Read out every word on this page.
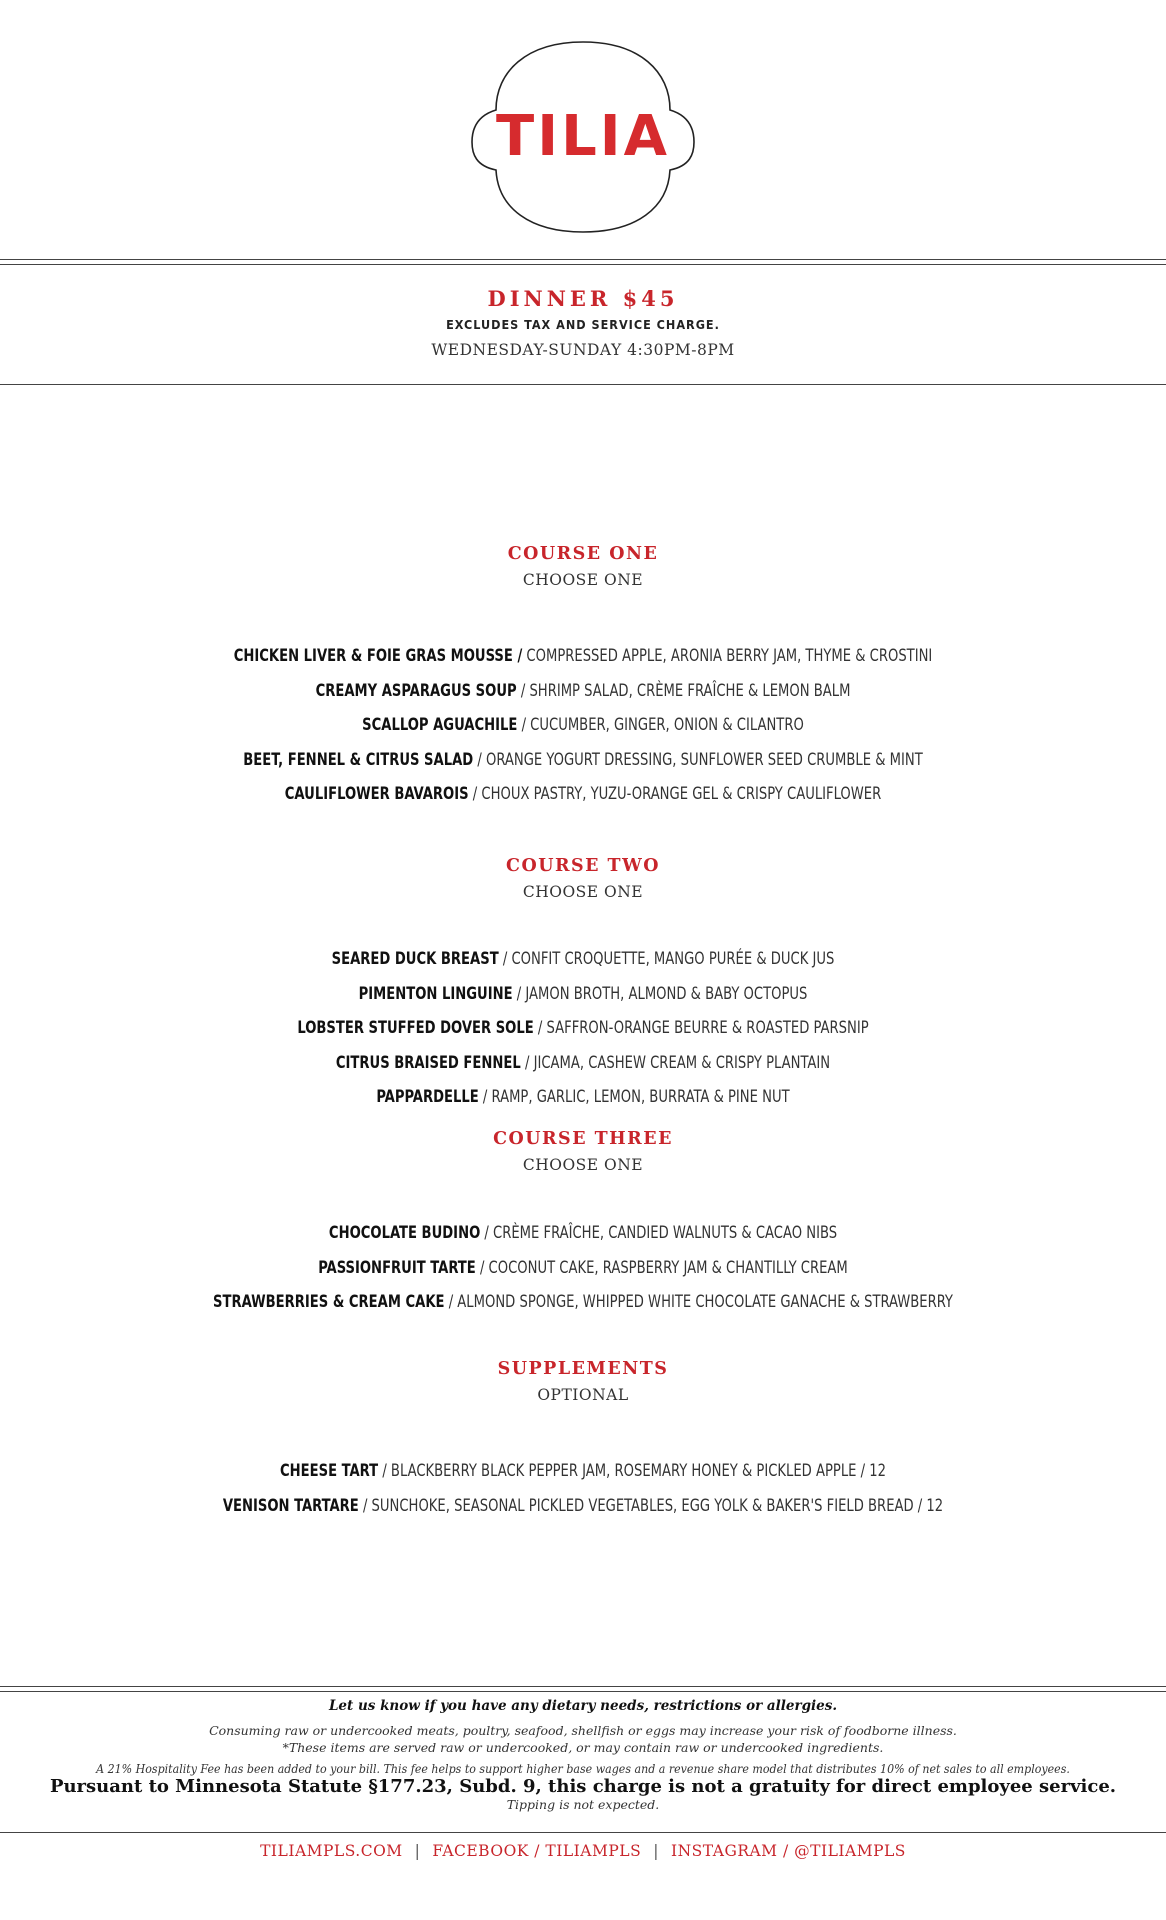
TILIA
DINNER $45
EXCLUDES TAX AND SERVICE CHARGE.
WEDNESDAY-SUNDAY 4:30PM-8PM
COURSE ONE
CHOOSE ONE
CHICKEN LIVER & FOIE GRAS MOUSSE / COMPRESSED APPLE, ARONIA BERRY JAM, THYME & CROSTINI
CREAMY ASPARAGUS SOUP / SHRIMP SALAD, CRÈME FRAÎCHE & LEMON BALM
SCALLOP AGUACHILE / CUCUMBER, GINGER, ONION & CILANTRO
BEET, FENNEL & CITRUS SALAD / ORANGE YOGURT DRESSING, SUNFLOWER SEED CRUMBLE & MINT
CAULIFLOWER BAVAROIS / CHOUX PASTRY, YUZU-ORANGE GEL & CRISPY CAULIFLOWER
COURSE TWO
CHOOSE ONE
SEARED DUCK BREAST / CONFIT CROQUETTE, MANGO PURÉE & DUCK JUS
PIMENTON LINGUINE / JAMON BROTH, ALMOND & BABY OCTOPUS
LOBSTER STUFFED DOVER SOLE / SAFFRON-ORANGE BEURRE & ROASTED PARSNIP
CITRUS BRAISED FENNEL / JICAMA, CASHEW CREAM & CRISPY PLANTAIN
PAPPARDELLE / RAMP, GARLIC, LEMON, BURRATA & PINE NUT
COURSE THREE
CHOOSE ONE
CHOCOLATE BUDINO / CRÈME FRAÎCHE, CANDIED WALNUTS & CACAO NIBS
PASSIONFRUIT TARTE / COCONUT CAKE, RASPBERRY JAM & CHANTILLY CREAM
STRAWBERRIES & CREAM CAKE / ALMOND SPONGE, WHIPPED WHITE CHOCOLATE GANACHE & STRAWBERRY
SUPPLEMENTS
OPTIONAL
CHEESE TART / BLACKBERRY BLACK PEPPER JAM, ROSEMARY HONEY & PICKLED APPLE / 12
VENISON TARTARE / SUNCHOKE, SEASONAL PICKLED VEGETABLES, EGG YOLK & BAKER'S FIELD BREAD / 12
Let us know if you have any dietary needs, restrictions or allergies.
Consuming raw or undercooked meats, poultry, seafood, shellfish or eggs may increase your risk of foodborne illness.
*These items are served raw or undercooked, or may contain raw or undercooked ingredients.
A 21% Hospitality Fee has been added to your bill. This fee helps to support higher base wages and a revenue share model that distributes 10% of net sales to all employees.
Pursuant to Minnesota Statute §177.23, Subd. 9, this charge is not a gratuity for direct employee service.
Tipping is not expected.
TILIAMPLS.COM | FACEBOOK / TILIAMPLS | INSTAGRAM / @TILIAMPLS
